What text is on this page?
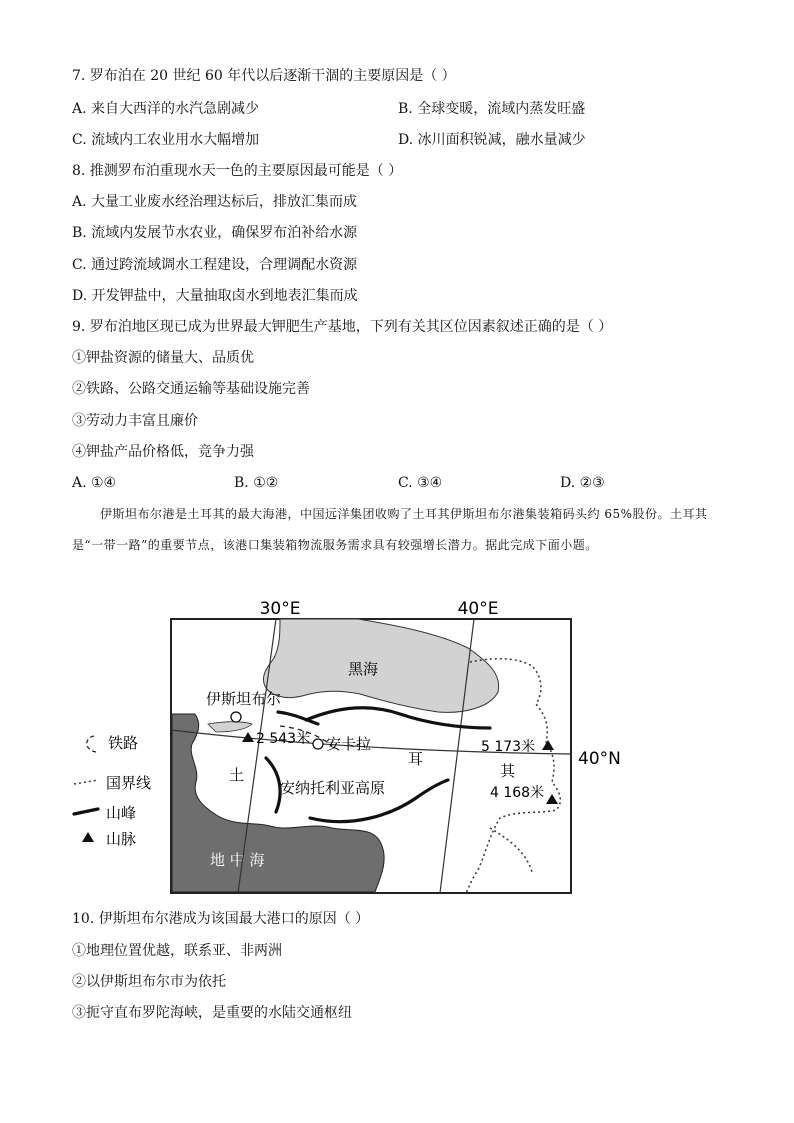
7. 罗布泊在 20 世纪 60 年代以后逐渐干涸的主要原因是（ ）
A. 来自大西洋的水汽急剧减少	B. 全球变暖，流域内蒸发旺盛
C. 流域内工农业用水大幅增加	D. 冰川面积锐减，融水量减少
8. 推测罗布泊重现水天一色的主要原因最可能是（ ）
A. 大量工业废水经治理达标后，排放汇集而成
B. 流域内发展节水农业，确保罗布泊补给水源
C. 通过跨流域调水工程建设，合理调配水资源
D. 开发钾盐中，大量抽取卤水到地表汇集而成
9. 罗布泊地区现已成为世界最大钾肥生产基地，下列有关其区位因素叙述正确的是（ ）
①钾盐资源的储量大、品质优
②铁路、公路交通运输等基础设施完善
③劳动力丰富且廉价
④钾盐产品价格低，竞争力强
A. ①④	B. ①②	C. ③④	D. ②③
伊斯坦布尔港是土耳其的最大海港，中国远洋集团收购了土耳其伊斯坦布尔港集装箱码头约 65%股份。土耳其是“一带一路”的重要节点，该港口集装箱物流服务需求具有较强增长潜力。据此完成下面小题。
30°E	40°E
黑海
地 中 海
40°N
伊斯坦布尔
安卡拉
2 543米	5 173米
4 168米
土
耳
其
安纳托利亚高原
铁路
国界线
山峰
山脉
10. 伊斯坦布尔港成为该国最大港口的原因（ ）
①地理位置优越，联系亚、非两洲
②以伊斯坦布尔市为依托
③扼守直布罗陀海峡，是重要的水陆交通枢纽
